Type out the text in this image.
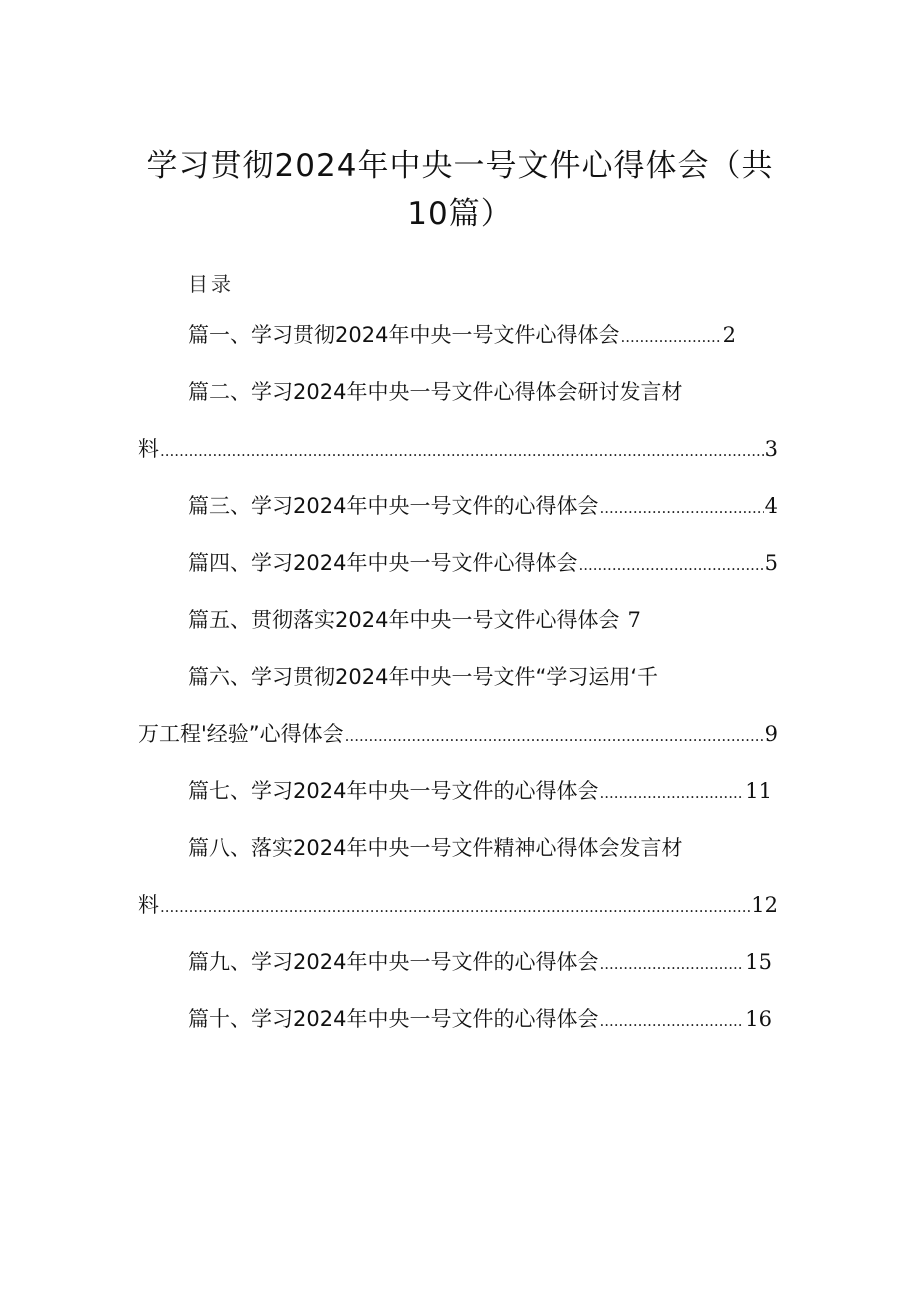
学习贯彻2024年中央一号文件心得体会（共
10篇）
目录
篇一、学习贯彻2024年中央一号文件心得体会 .....	2
篇二、学习2024年中央一号文件心得体会研讨发言材
料 .....	3
篇三、学习2024年中央一号文件的心得体会 .....	4
篇四、学习2024年中央一号文件心得体会 .....	5
篇五、贯彻落实2024年中央一号文件心得体会 7
篇六、学习贯彻2024年中央一号文件“学习运用‘千
万工程'经验”心得体会 .....	9
篇七、学习2024年中央一号文件的心得体会 .....	11
篇八、落实2024年中央一号文件精神心得体会发言材
料 .....	12
篇九、学习2024年中央一号文件的心得体会 .....	15
篇十、学习2024年中央一号文件的心得体会 .....	16
